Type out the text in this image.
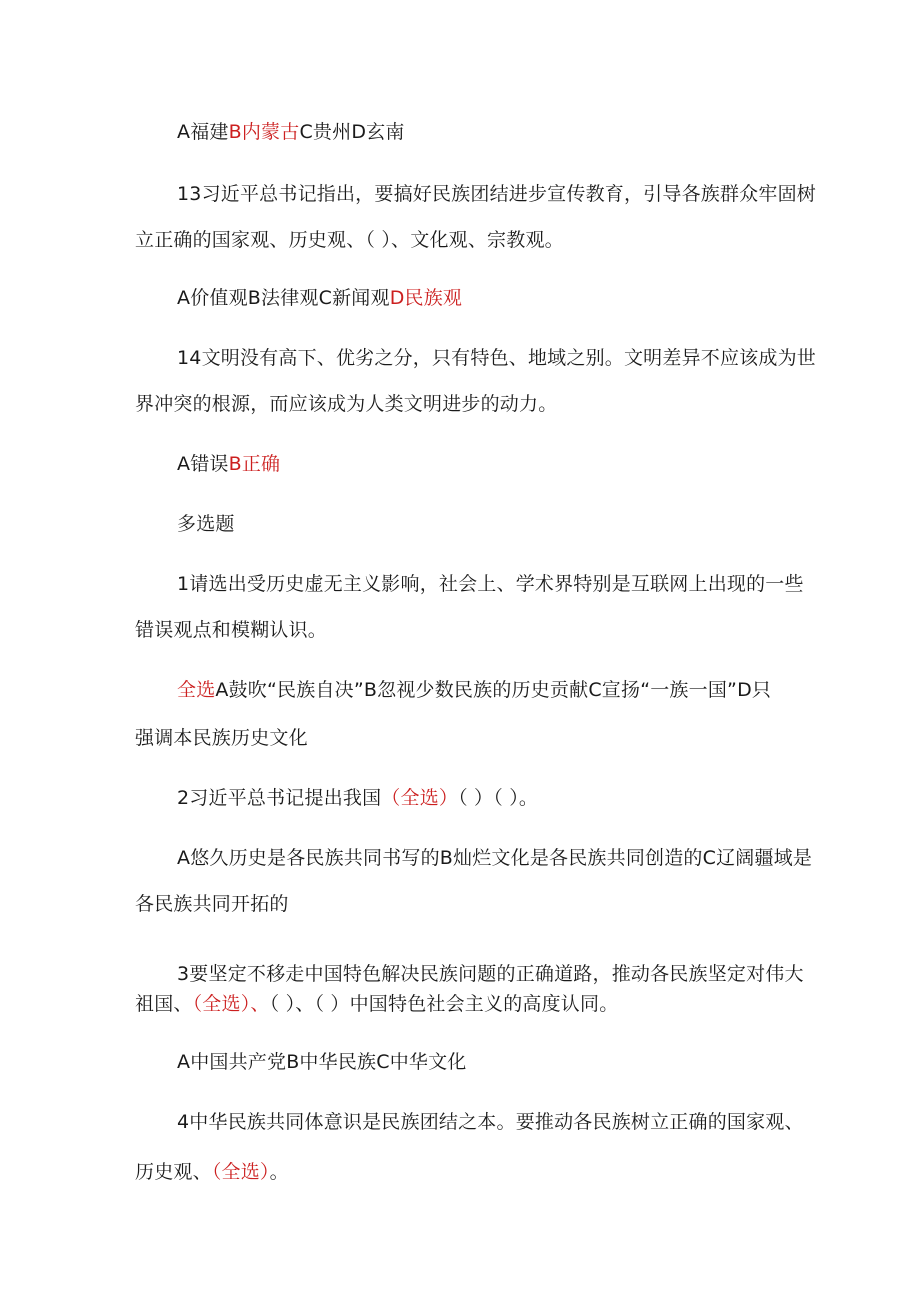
A福建B内蒙古C贵州D玄南
13习近平总书记指出，要搞好民族团结进步宣传教育，引导各族群众牢固树
立正确的国家观、历史观、（ ）、文化观、宗教观。
A价值观B法律观C新闻观D民族观
14文明没有高下、优劣之分，只有特色、地域之别。文明差异不应该成为世
界冲突的根源，而应该成为人类文明进步的动力。
A错误B正确
多选题
1请选出受历史虚无主义影响，社会上、学术界特别是互联网上出现的一些
错误观点和模糊认识。
全选A鼓吹“民族自决”B忽视少数民族的历史贡献C宣扬“一族一国”D只
强调本民族历史文化
2习近平总书记提出我国（全选）（ ）（ ）。
A悠久历史是各民族共同书写的B灿烂文化是各民族共同创造的C辽阔疆域是
各民族共同开拓的
3要坚定不移走中国特色解决民族问题的正确道路，推动各民族坚定对伟大
祖国、（全选）、（ ）、（ ）中国特色社会主义的高度认同。
A中国共产党B中华民族C中华文化
4中华民族共同体意识是民族团结之本。要推动各民族树立正确的国家观、
历史观、（全选）。
